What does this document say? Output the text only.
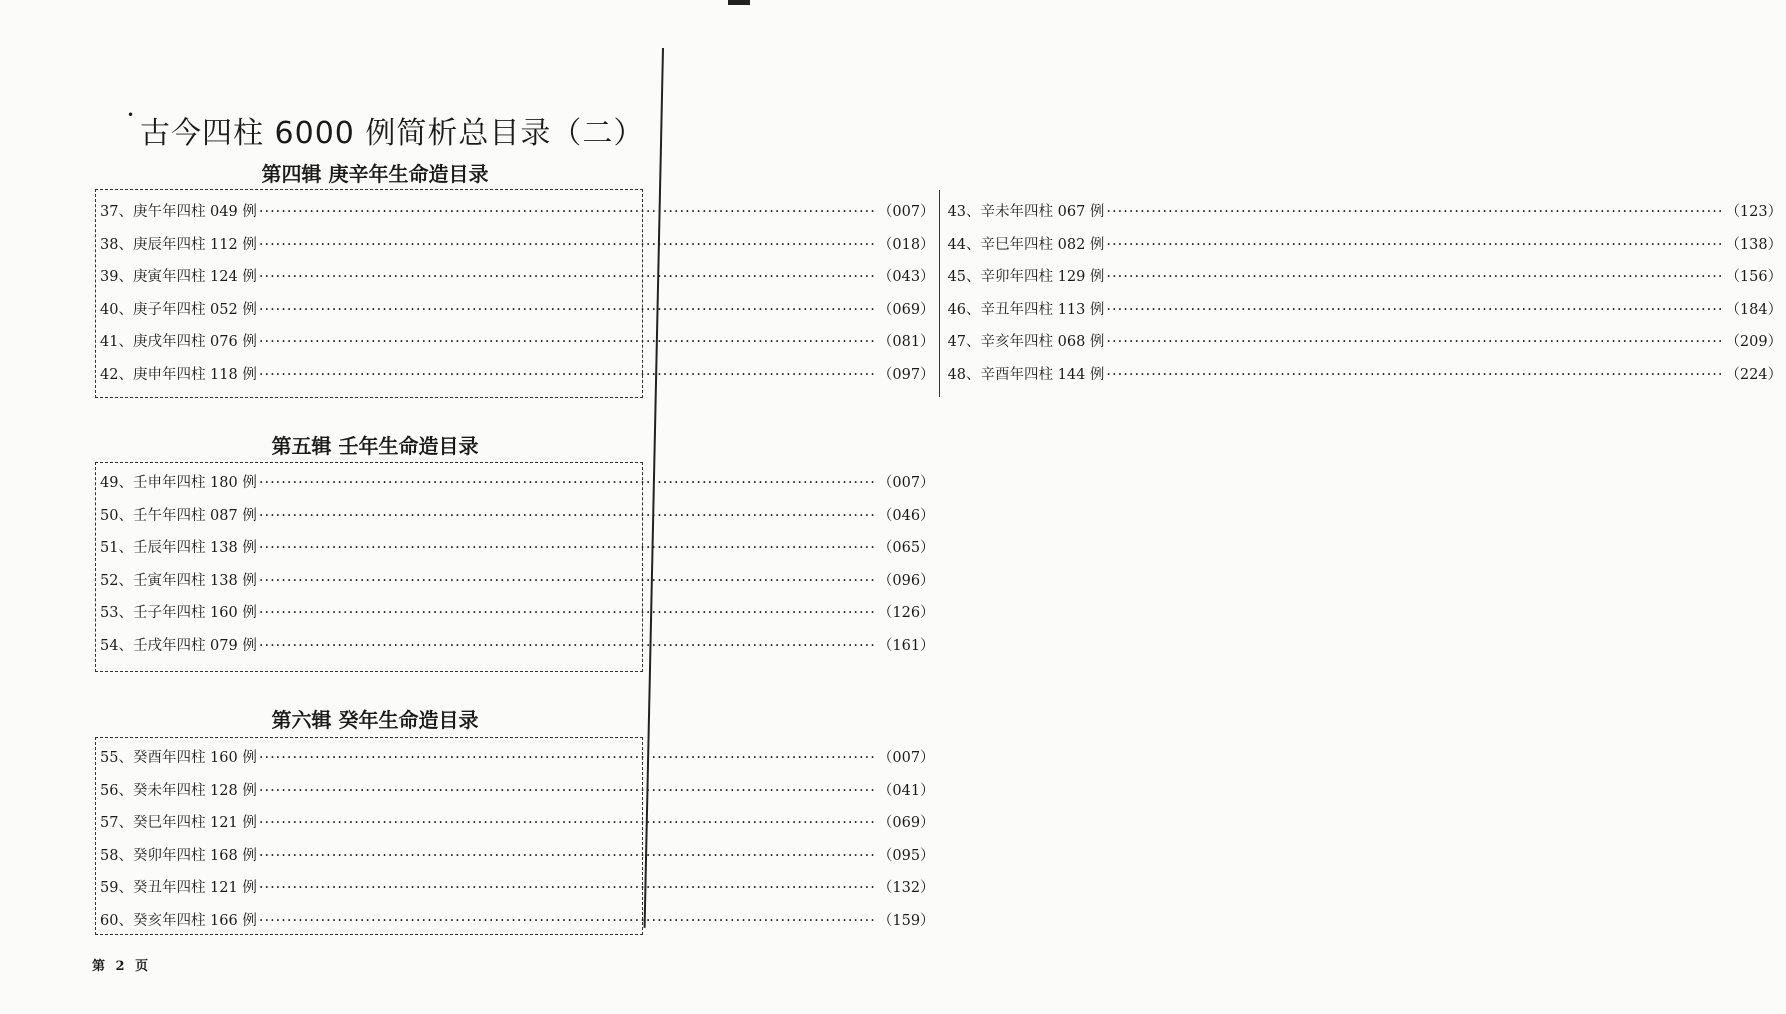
•
古今四柱 6000 例简析总目录（二）
第四辑 庚辛年生命造目录
37、庚午年四柱 049 例 ·····	（007）
38、庚辰年四柱 112 例 ·····	（018）
39、庚寅年四柱 124 例 ·····	（043）
40、庚子年四柱 052 例 ·····	（069）
41、庚戌年四柱 076 例 ·····	（081）
42、庚申年四柱 118 例 ·····	（097）
43、辛未年四柱 067 例 ·····	（123）
44、辛巳年四柱 082 例 ·····	（138）
45、辛卯年四柱 129 例 ·····	（156）
46、辛丑年四柱 113 例 ·····	（184）
47、辛亥年四柱 068 例 ·····	（209）
48、辛酉年四柱 144 例 ·····	（224）
第五辑 壬年生命造目录
49、壬申年四柱 180 例 ·····	（007）
50、壬午年四柱 087 例 ·····	（046）
51、壬辰年四柱 138 例 ·····	（065）
52、壬寅年四柱 138 例 ·····	（096）
53、壬子年四柱 160 例 ·····	（126）
54、壬戌年四柱 079 例 ·····	（161）
第六辑 癸年生命造目录
55、癸酉年四柱 160 例 ·····	（007）
56、癸未年四柱 128 例 ·····	（041）
57、癸巳年四柱 121 例 ·····	（069）
58、癸卯年四柱 168 例 ·····	（095）
59、癸丑年四柱 121 例 ·····	（132）
60、癸亥年四柱 166 例 ·····	（159）
第 2 页
